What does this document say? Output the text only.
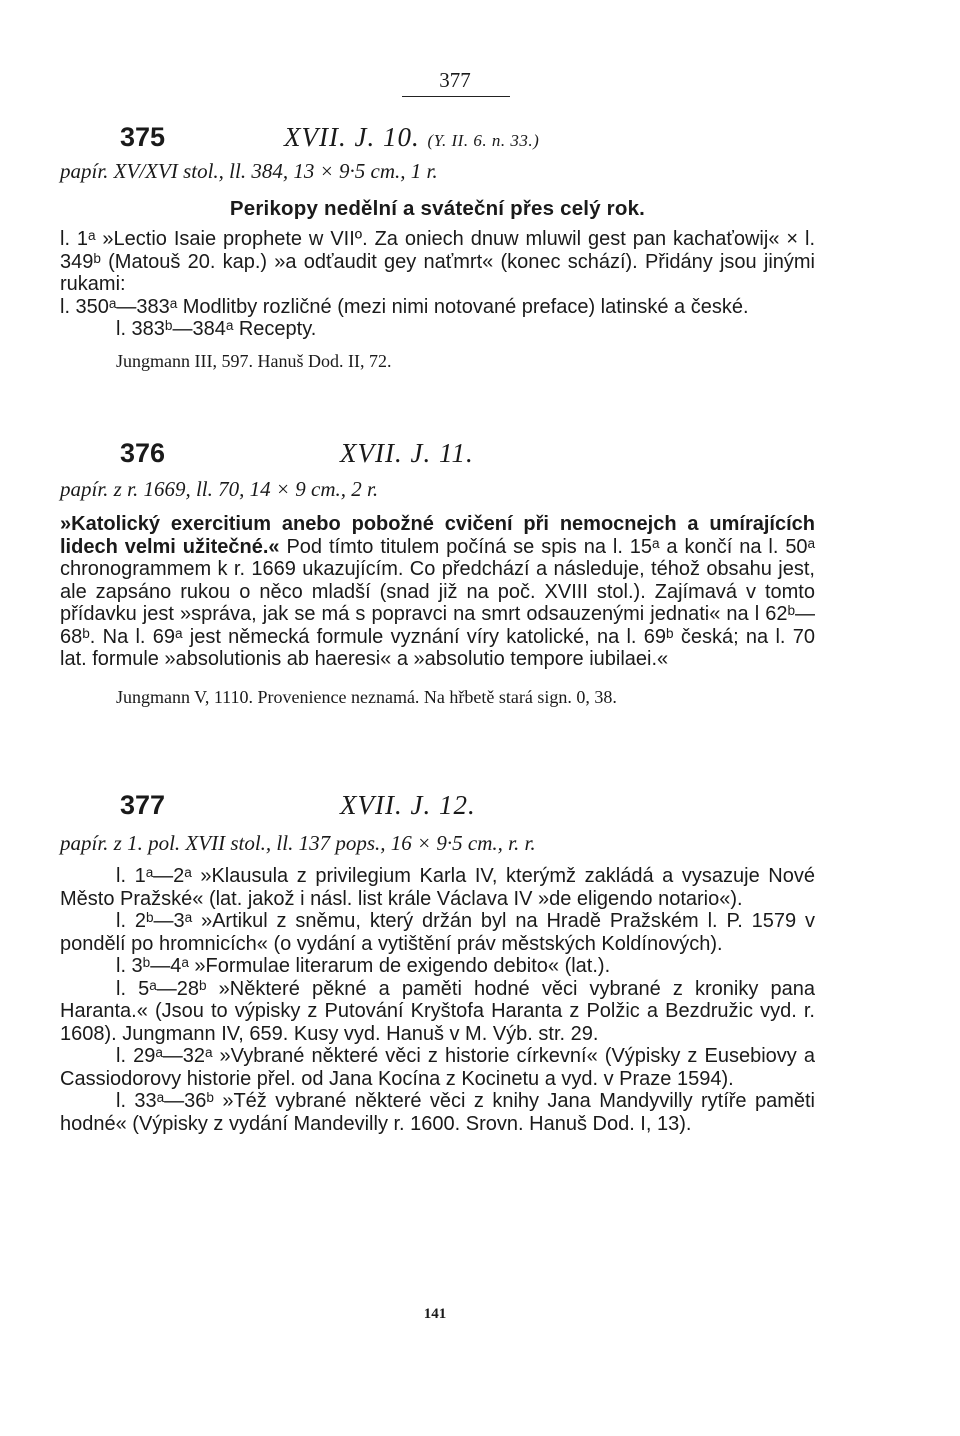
377
375	XVII. J. 10. (Y. II. 6. n. 33.)
papír. XV/XVI stol., ll. 384, 13 × 9·5 cm., 1 r.
Perikopy nedělní a sváteční přes celý rok.

l. 1ᵃ »Lectio Isaie prophete w VIIº. Za oniech dnuw mluwil gest pan kachaťowij« × l. 349ᵇ (Matouš 20. kap.) »a odťaudit gey naťmrt« (konec schází). Přidány jsou jinými rukami:

l. 350ᵃ—383ᵃ Modlitby rozličné (mezi nimi notované preface) latinské a české.

l. 383ᵇ—384ᵃ Recepty.

Jungmann III, 597. Hanuš Dod. II, 72.
376	XVII. J. 11.
papír. z r. 1669, ll. 70, 14 × 9 cm., 2 r.

»Katolický exercitium anebo pobožné cvičení při nemocnejch a umírajících lidech velmi užitečné.« Pod tímto titulem počíná se spis na l. 15ᵃ a končí na l. 50ᵃ chronogrammem k r. 1669 ukazujícím. Co předchází a následuje, téhož obsahu jest, ale zapsáno rukou o něco mladší (snad již na poč. XVIII stol.). Zajímavá v tomto přídavku jest »správa, jak se má s popravci na smrt odsauzenými jednati« na l 62ᵇ—68ᵇ. Na l. 69ᵃ jest německá formule vyznání víry katolické, na l. 69ᵇ česká; na l. 70 lat. formule »absolutionis ab haeresi« a »absolutio tempore iubilaei.«

Jungmann V, 1110. Provenience neznamá. Na hřbetě stará sign. 0, 38.
377	XVII. J. 12.
papír. z 1. pol. XVII stol., ll. 137 pops., 16 × 9·5 cm., r. r.

l. 1ᵃ—2ᵃ »Klausula z privilegium Karla IV, kterýmž zakládá a vysazuje Nové Město Pražské« (lat. jakož i násl. list krále Václava IV »de eligendo notario«).

l. 2ᵇ—3ᵃ »Artikul z sněmu, který držán byl na Hradě Pražském l. P. 1579 v pondělí po hromnicích« (o vydání a vytištění práv městských Koldínových).

l. 3ᵇ—4ᵃ »Formulae literarum de exigendo debito« (lat.).

l. 5ᵃ—28ᵇ »Některé pěkné a paměti hodné věci vybrané z kroniky pana Haranta.« (Jsou to výpisky z Putování Kryštofa Haranta z Polžic a Bezdružic vyd. r. 1608). Jungmann IV, 659. Kusy vyd. Hanuš v M. Výb. str. 29.

l. 29ᵃ—32ᵃ »Vybrané některé věci z historie církevní« (Výpisky z Eusebiovy a Cassiodorovy historie přel. od Jana Kocína z Kocinetu a vyd. v Praze 1594).

l. 33ᵃ—36ᵇ »Též vybrané některé věci z knihy Jana Mandyvilly rytíře paměti hodné« (Výpisky z vydání Mandevilly r. 1600. Srovn. Hanuš Dod. I, 13).

141
